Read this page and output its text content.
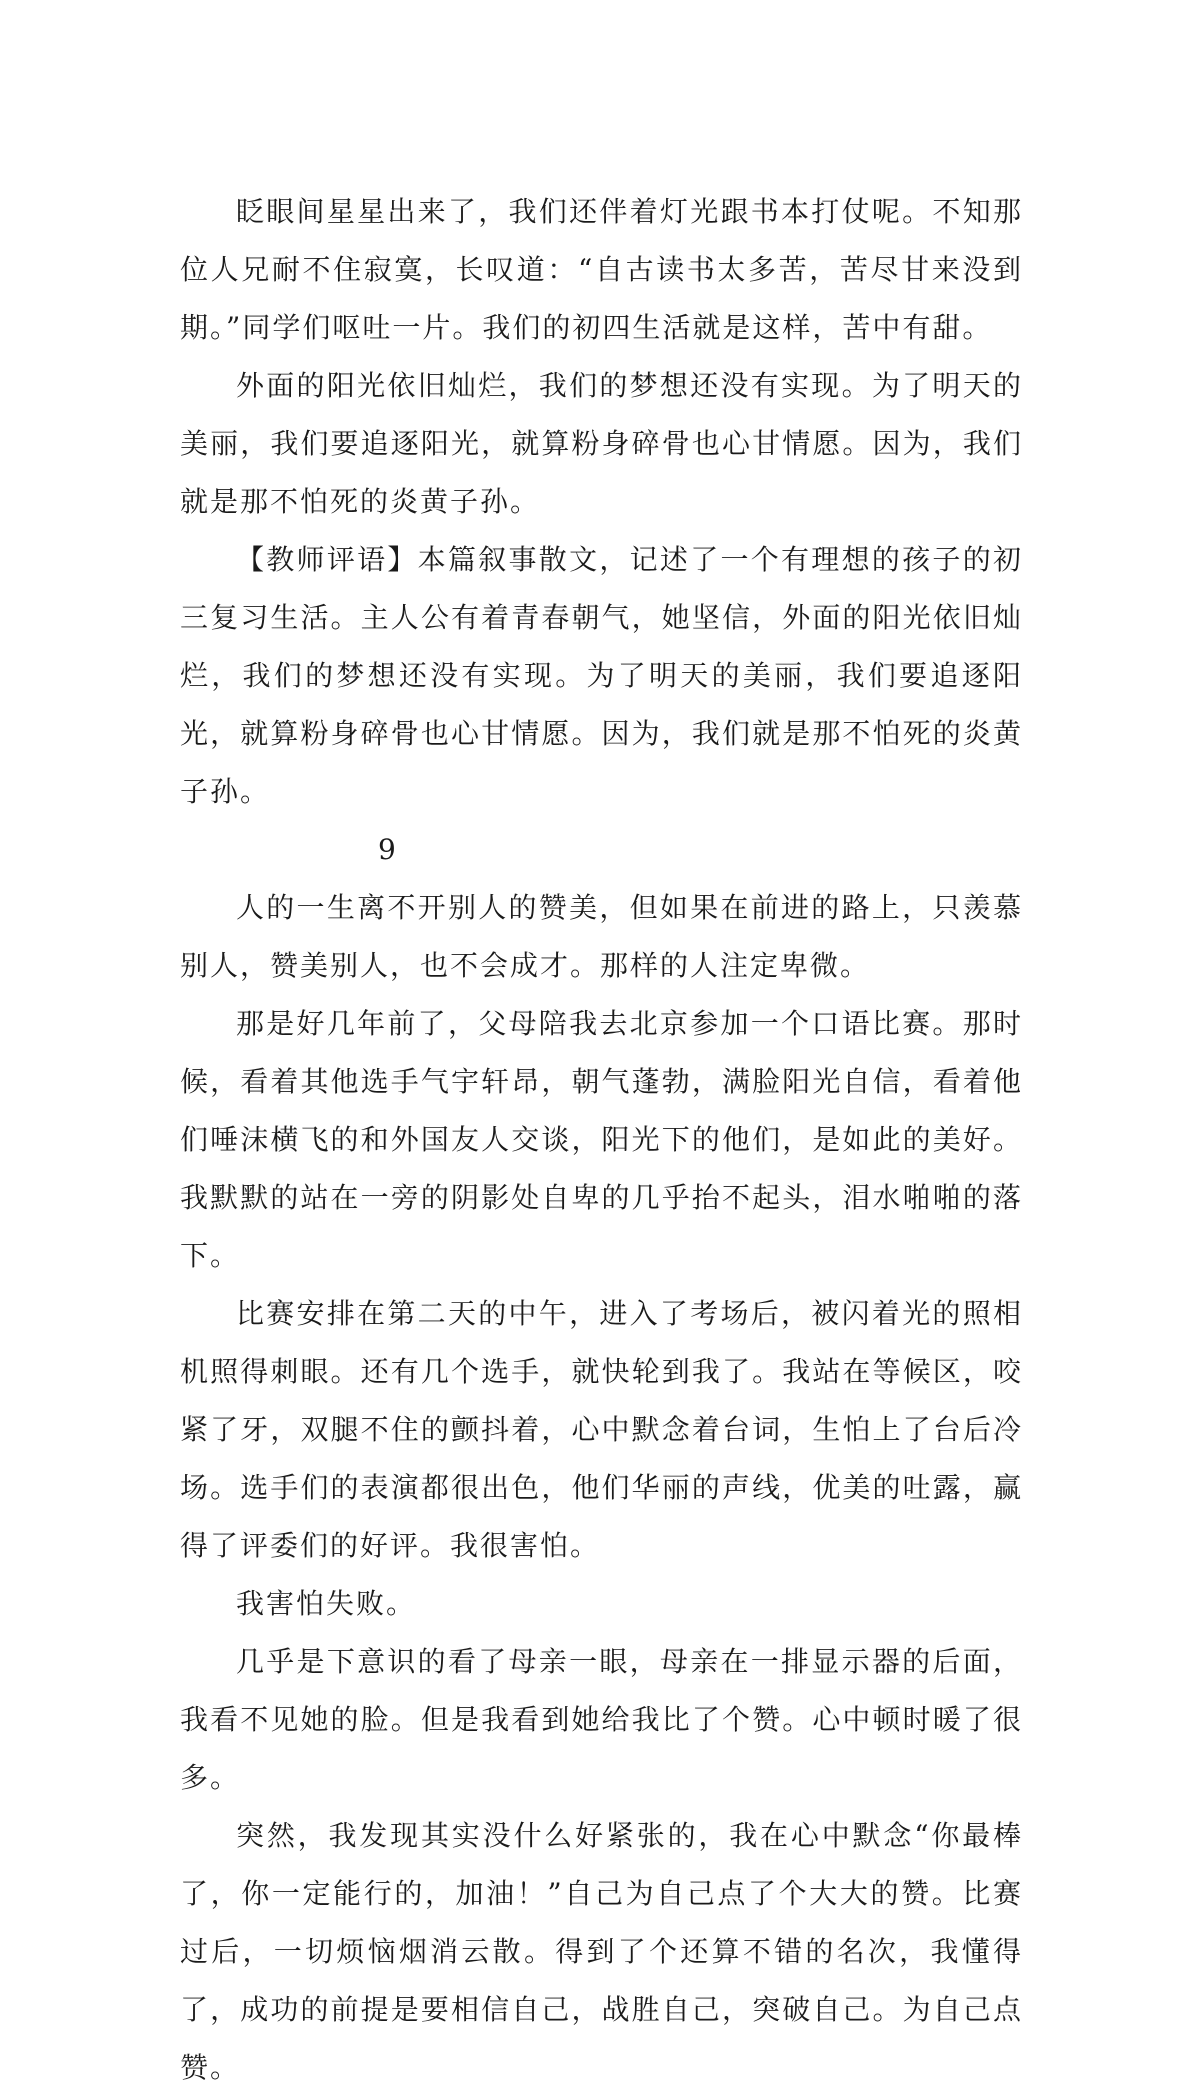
眨眼间星星出来了，我们还伴着灯光跟书本打仗呢。不知那位人兄耐不住寂寞，长叹道：“自古读书太多苦，苦尽甘来没到期。”同学们呕吐一片。我们的初四生活就是这样，苦中有甜。

外面的阳光依旧灿烂，我们的梦想还没有实现。为了明天的美丽，我们要追逐阳光，就算粉身碎骨也心甘情愿。因为，我们就是那不怕死的炎黄子孙。

【教师评语】本篇叙事散文，记述了一个有理想的孩子的初三复习生活。主人公有着青春朝气，她坚信，外面的阳光依旧灿烂，我们的梦想还没有实现。为了明天的美丽，我们要追逐阳光，就算粉身碎骨也心甘情愿。因为，我们就是那不怕死的炎黄子孙。

9

人的一生离不开别人的赞美，但如果在前进的路上，只羡慕别人，赞美别人，也不会成才。那样的人注定卑微。

那是好几年前了，父母陪我去北京参加一个口语比赛。那时候，看着其他选手气宇轩昂，朝气蓬勃，满脸阳光自信，看着他们唾沫横飞的和外国友人交谈，阳光下的他们，是如此的美好。我默默的站在一旁的阴影处自卑的几乎抬不起头，泪水啪啪的落下。

比赛安排在第二天的中午，进入了考场后，被闪着光的照相机照得刺眼。还有几个选手，就快轮到我了。我站在等候区，咬紧了牙，双腿不住的颤抖着，心中默念着台词，生怕上了台后冷场。选手们的表演都很出色，他们华丽的声线，优美的吐露，赢得了评委们的好评。我很害怕。

我害怕失败。

几乎是下意识的看了母亲一眼，母亲在一排显示器的后面，我看不见她的脸。但是我看到她给我比了个赞。心中顿时暖了很多。

突然，我发现其实没什么好紧张的，我在心中默念“你最棒了，你一定能行的，加油！”自己为自己点了个大大的赞。比赛过后，一切烦恼烟消云散。得到了个还算不错的名次，我懂得了，成功的前提是要相信自己，战胜自己，突破自己。为自己点赞。
